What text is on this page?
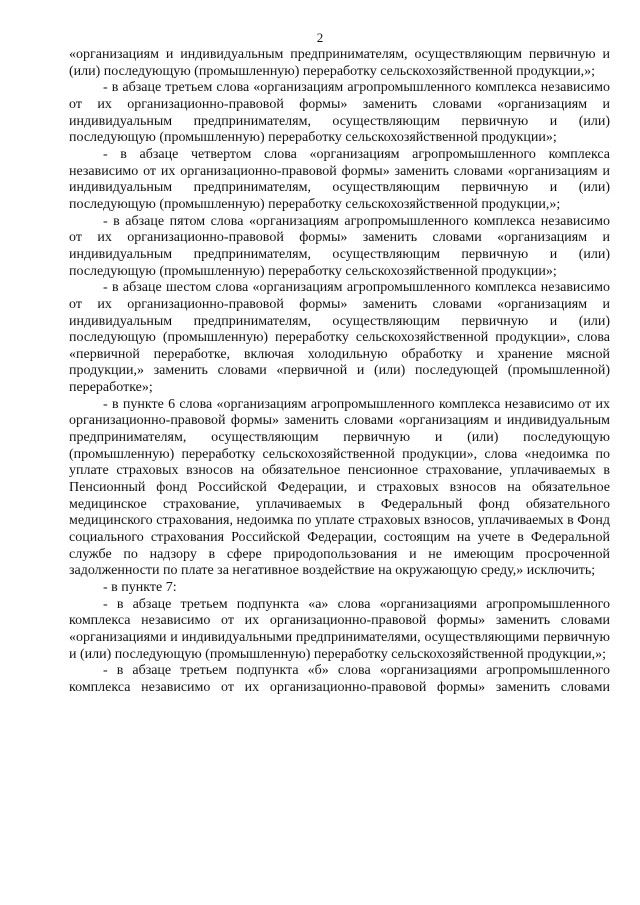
2

«организациям и индивидуальным предпринимателям, осуществляющим первичную и (или) последующую (промышленную) переработку сельскохозяйственной продукции,»;

- в абзаце третьем слова «организациям агропромышленного комплекса независимо от их организационно-правовой формы» заменить словами «организациям и индивидуальным предпринимателям, осуществляющим первичную и (или) последующую (промышленную) переработку сельскохозяйственной продукции»;

- в абзаце четвертом слова «организациям агропромышленного комплекса независимо от их организационно-правовой формы» заменить словами «организациям и индивидуальным предпринимателям, осуществляющим первичную и (или) последующую (промышленную) переработку сельскохозяйственной продукции,»;

- в абзаце пятом слова «организациям агропромышленного комплекса независимо от их организационно-правовой формы» заменить словами «организациям и индивидуальным предпринимателям, осуществляющим первичную и (или) последующую (промышленную) переработку сельскохозяйственной продукции»;

- в абзаце шестом слова «организациям агропромышленного комплекса независимо от их организационно-правовой формы» заменить словами «организациям и индивидуальным предпринимателям, осуществляющим первичную и (или) последующую (промышленную) переработку сельскохозяйственной продукции», слова «первичной переработке, включая холодильную обработку и хранение мясной продукции,» заменить словами «первичной и (или) последующей (промышленной) переработке»;

- в пункте 6 слова «организациям агропромышленного комплекса независимо от их организационно-правовой формы» заменить словами «организациям и индивидуальным предпринимателям, осуществляющим первичную и (или) последующую (промышленную) переработку сельскохозяйственной продукции», слова «недоимка по уплате страховых взносов на обязательное пенсионное страхование, уплачиваемых в Пенсионный фонд Российской Федерации, и страховых взносов на обязательное медицинское страхование, уплачиваемых в Федеральный фонд обязательного медицинского страхования, недоимка по уплате страховых взносов, уплачиваемых в Фонд социального страхования Российской Федерации, состоящим на учете в Федеральной службе по надзору в сфере природопользования и не имеющим просроченной задолженности по плате за негативное воздействие на окружающую среду,» исключить;

- в пункте 7:

- в абзаце третьем подпункта «а» слова «организациями агропромышленного комплекса независимо от их организационно-правовой формы» заменить словами «организациями и индивидуальными предпринимателями, осуществляющими первичную и (или) последующую (промышленную) переработку сельскохозяйственной продукции,»;

- в абзаце третьем подпункта «б» слова «организациями агропромышленного комплекса независимо от их организационно-правовой формы» заменить словами
